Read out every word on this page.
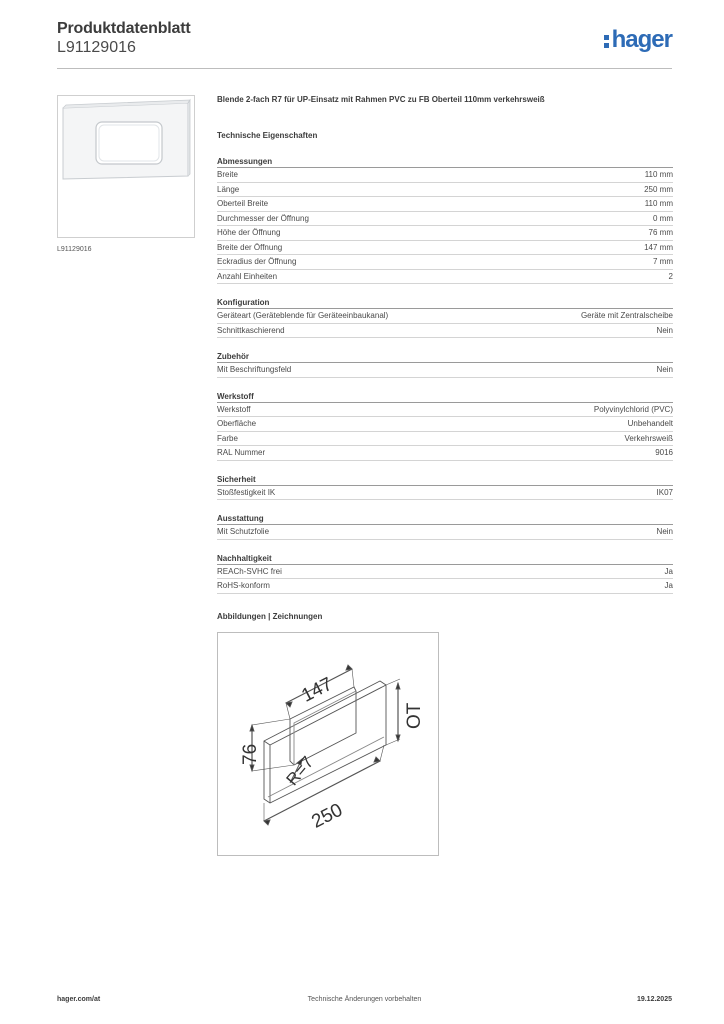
Produktdatenblatt
L91129016	hager
L91129016
Blende 2-fach R7 für UP-Einsatz mit Rahmen PVC zu FB Oberteil 110mm verkehrsweiß
Technische Eigenschaften
Abmessungen
Breite	110 mm
Länge	250 mm
Oberteil Breite	110 mm
Durchmesser der Öffnung	0 mm
Höhe der Öffnung	76 mm
Breite der Öffnung	147 mm
Eckradius der Öffnung	7 mm
Anzahl Einheiten	2
Konfiguration
Geräteart (Geräteblende für Geräteeinbaukanal)	Geräte mit Zentralscheibe
Schnittkaschierend	Nein
Zubehör
Mit Beschriftungsfeld	Nein
Werkstoff
Werkstoff	Polyvinylchlorid (PVC)
Oberfläche	Unbehandelt
Farbe	Verkehrsweiß
RAL Nummer	9016
Sicherheit
Stoßfestigkeit IK	IK07
Ausstattung
Mit Schutzfolie	Nein
Nachhaltigkeit
REACh-SVHC frei	Ja
RoHS-konform	Ja
Abbildungen | Zeichnungen
147
76 R=7
250
OT
hager.com/at	Technische Änderungen vorbehalten	19.12.2025
